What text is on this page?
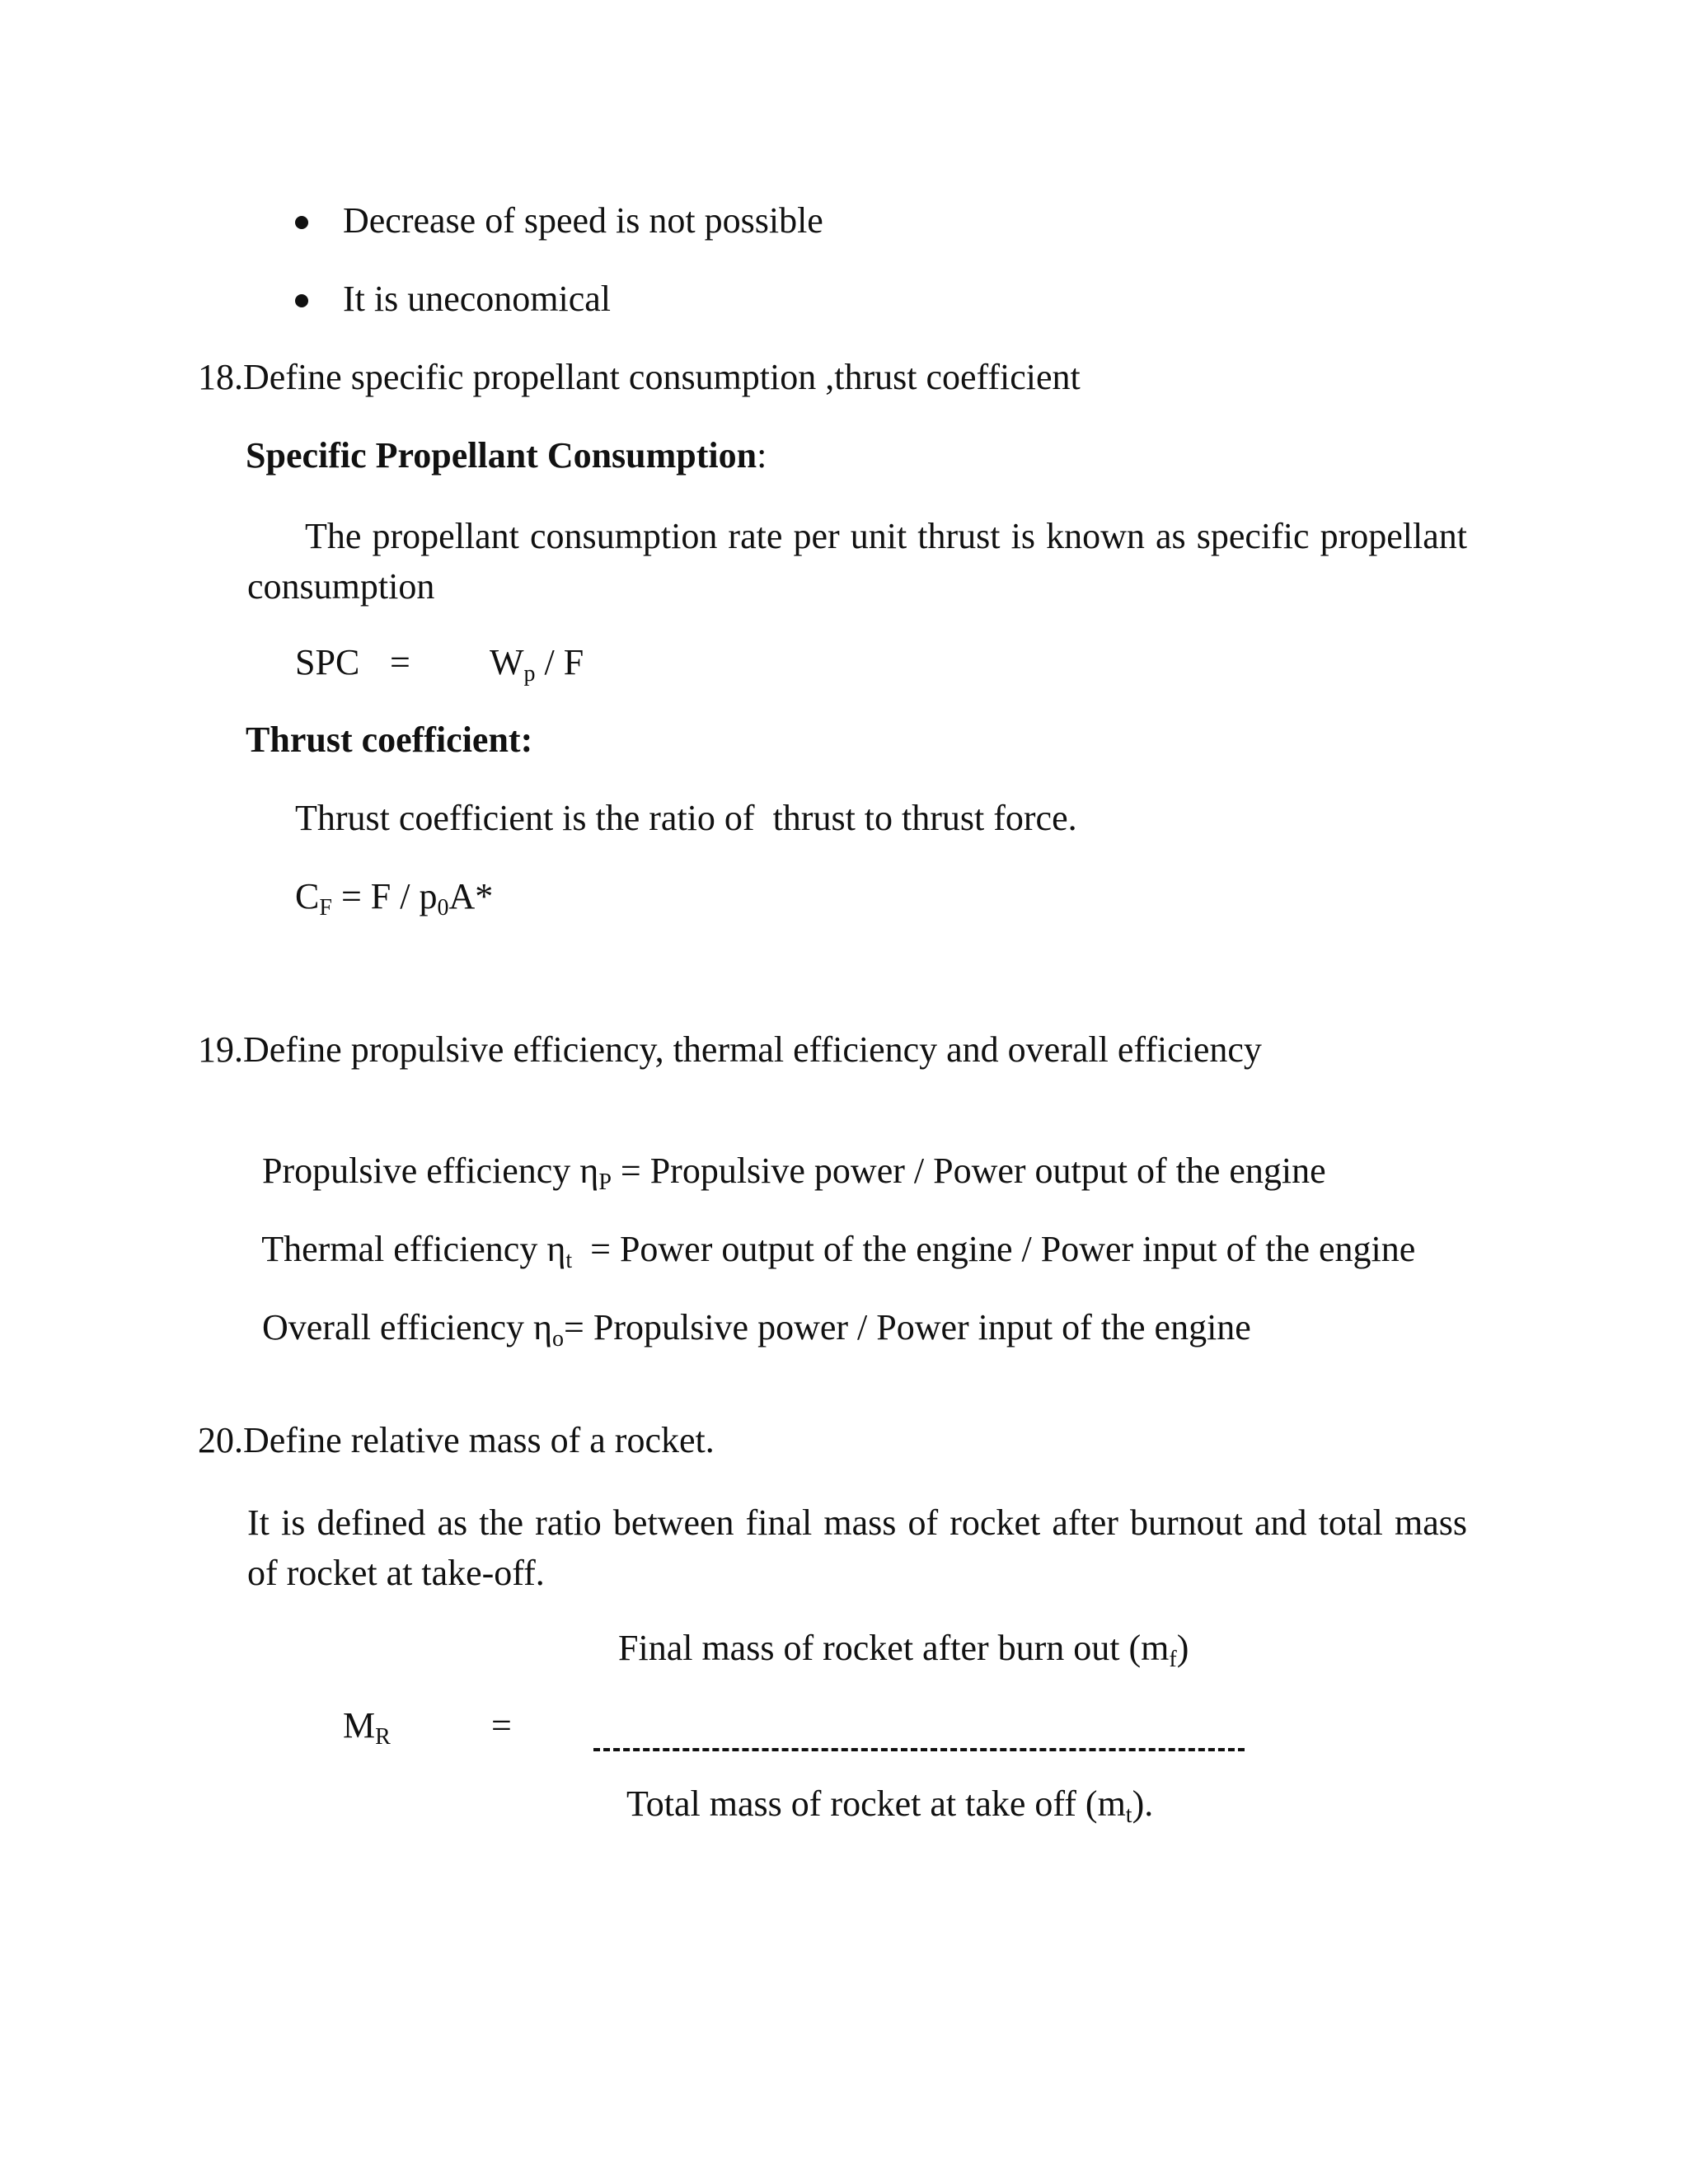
Decrease of speed is not possible
It is uneconomical
18.Define specific propellant consumption ,thrust coefficient
Specific Propellant Consumption:
The propellant consumption rate per unit thrust is known as specific propellant consumption
SPC = $W_p$ / F
Thrust coefficient:
Thrust coefficient is the ratio of  thrust to thrust force.
$C_F = F / p_0A*$
19.Define propulsive efficiency, thermal efficiency and overall efficiency

Propulsive efficiency $\eta_P$ = Propulsive power / Power output of the engine

Thermal efficiency $\eta_t$  = Power output of the engine / Power input of the engine

Overall efficiency $\eta_o=$ Propulsive power / Power input of the engine

20.Define relative mass of a rocket.
It is defined as the ratio between final mass of rocket after burnout and total mass of rocket at take-off.
Final mass of rocket after burn out $(m_f)$
$M_R$	=
Total mass of rocket at take off $(m_t)$.
